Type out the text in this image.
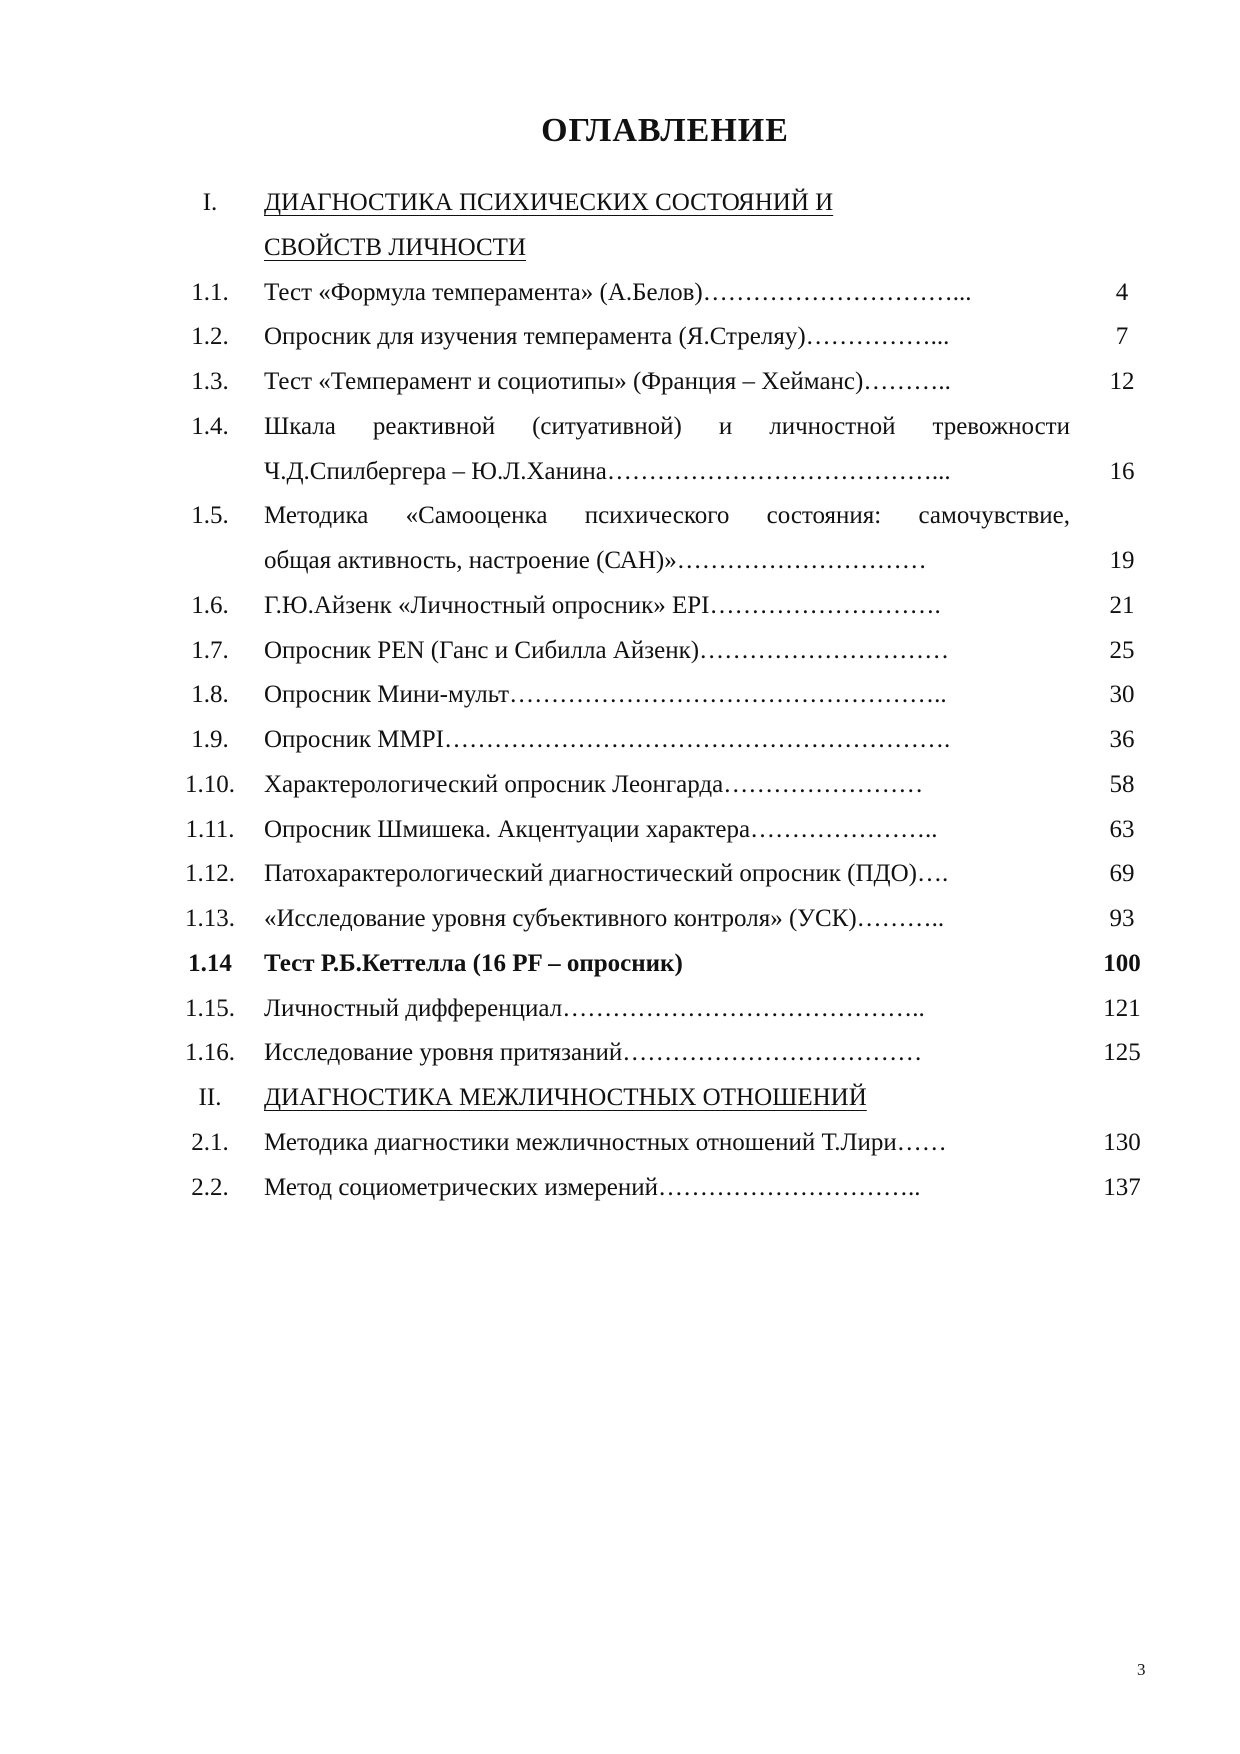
ОГЛАВЛЕНИЕ
I.	ДИАГНОСТИКА ПСИХИЧЕСКИХ СОСТОЯНИЙ И
СВОЙСТВ ЛИЧНОСТИ
1.1.	Тест «Формула темперамента» (А.Белов)…………………………...	4
1.2.	Опросник для изучения темперамента (Я.Стреляу)……………...	7
1.3.	Тест «Темперамент и социотипы» (Франция – Хейманс)………..	12
1.4.	Шкала реактивной (ситуативной) и личностной тревожности
Ч.Д.Спилбергера – Ю.Л.Ханина…………………………………...	16
1.5.	Методика «Самооценка психического состояния: самочувствие,
общая активность, настроение (САН)»…………………………	19
1.6.	Г.Ю.Айзенк «Личностный опросник» EPI……………………….	21
1.7.	Опросник PEN (Ганс и Сибилла Айзенк)…………………………	25
1.8.	Опросник Мини-мульт……………………………………………..	30
1.9.	Опросник MMPI…………………………………………………….	36
1.10.	Характерологический опросник Леонгарда……………………	58
1.11.	Опросник Шмишека. Акцентуации характера…………………..	63
1.12.	Патохарактерологический диагностический опросник (ПДО)….	69
1.13.	«Исследование уровня субъективного контроля» (УСК)………..	93
1.14	Тест Р.Б.Кеттелла (16 PF – опросник)	100
1.15.	Личностный дифференциал……………………………………..	121
1.16.	Исследование уровня притязаний………………………………	125
II.	ДИАГНОСТИКА МЕЖЛИЧНОСТНЫХ ОТНОШЕНИЙ
2.1.	Методика диагностики межличностных отношений Т.Лири……	130
2.2.	Метод социометрических измерений…………………………..	137
3
